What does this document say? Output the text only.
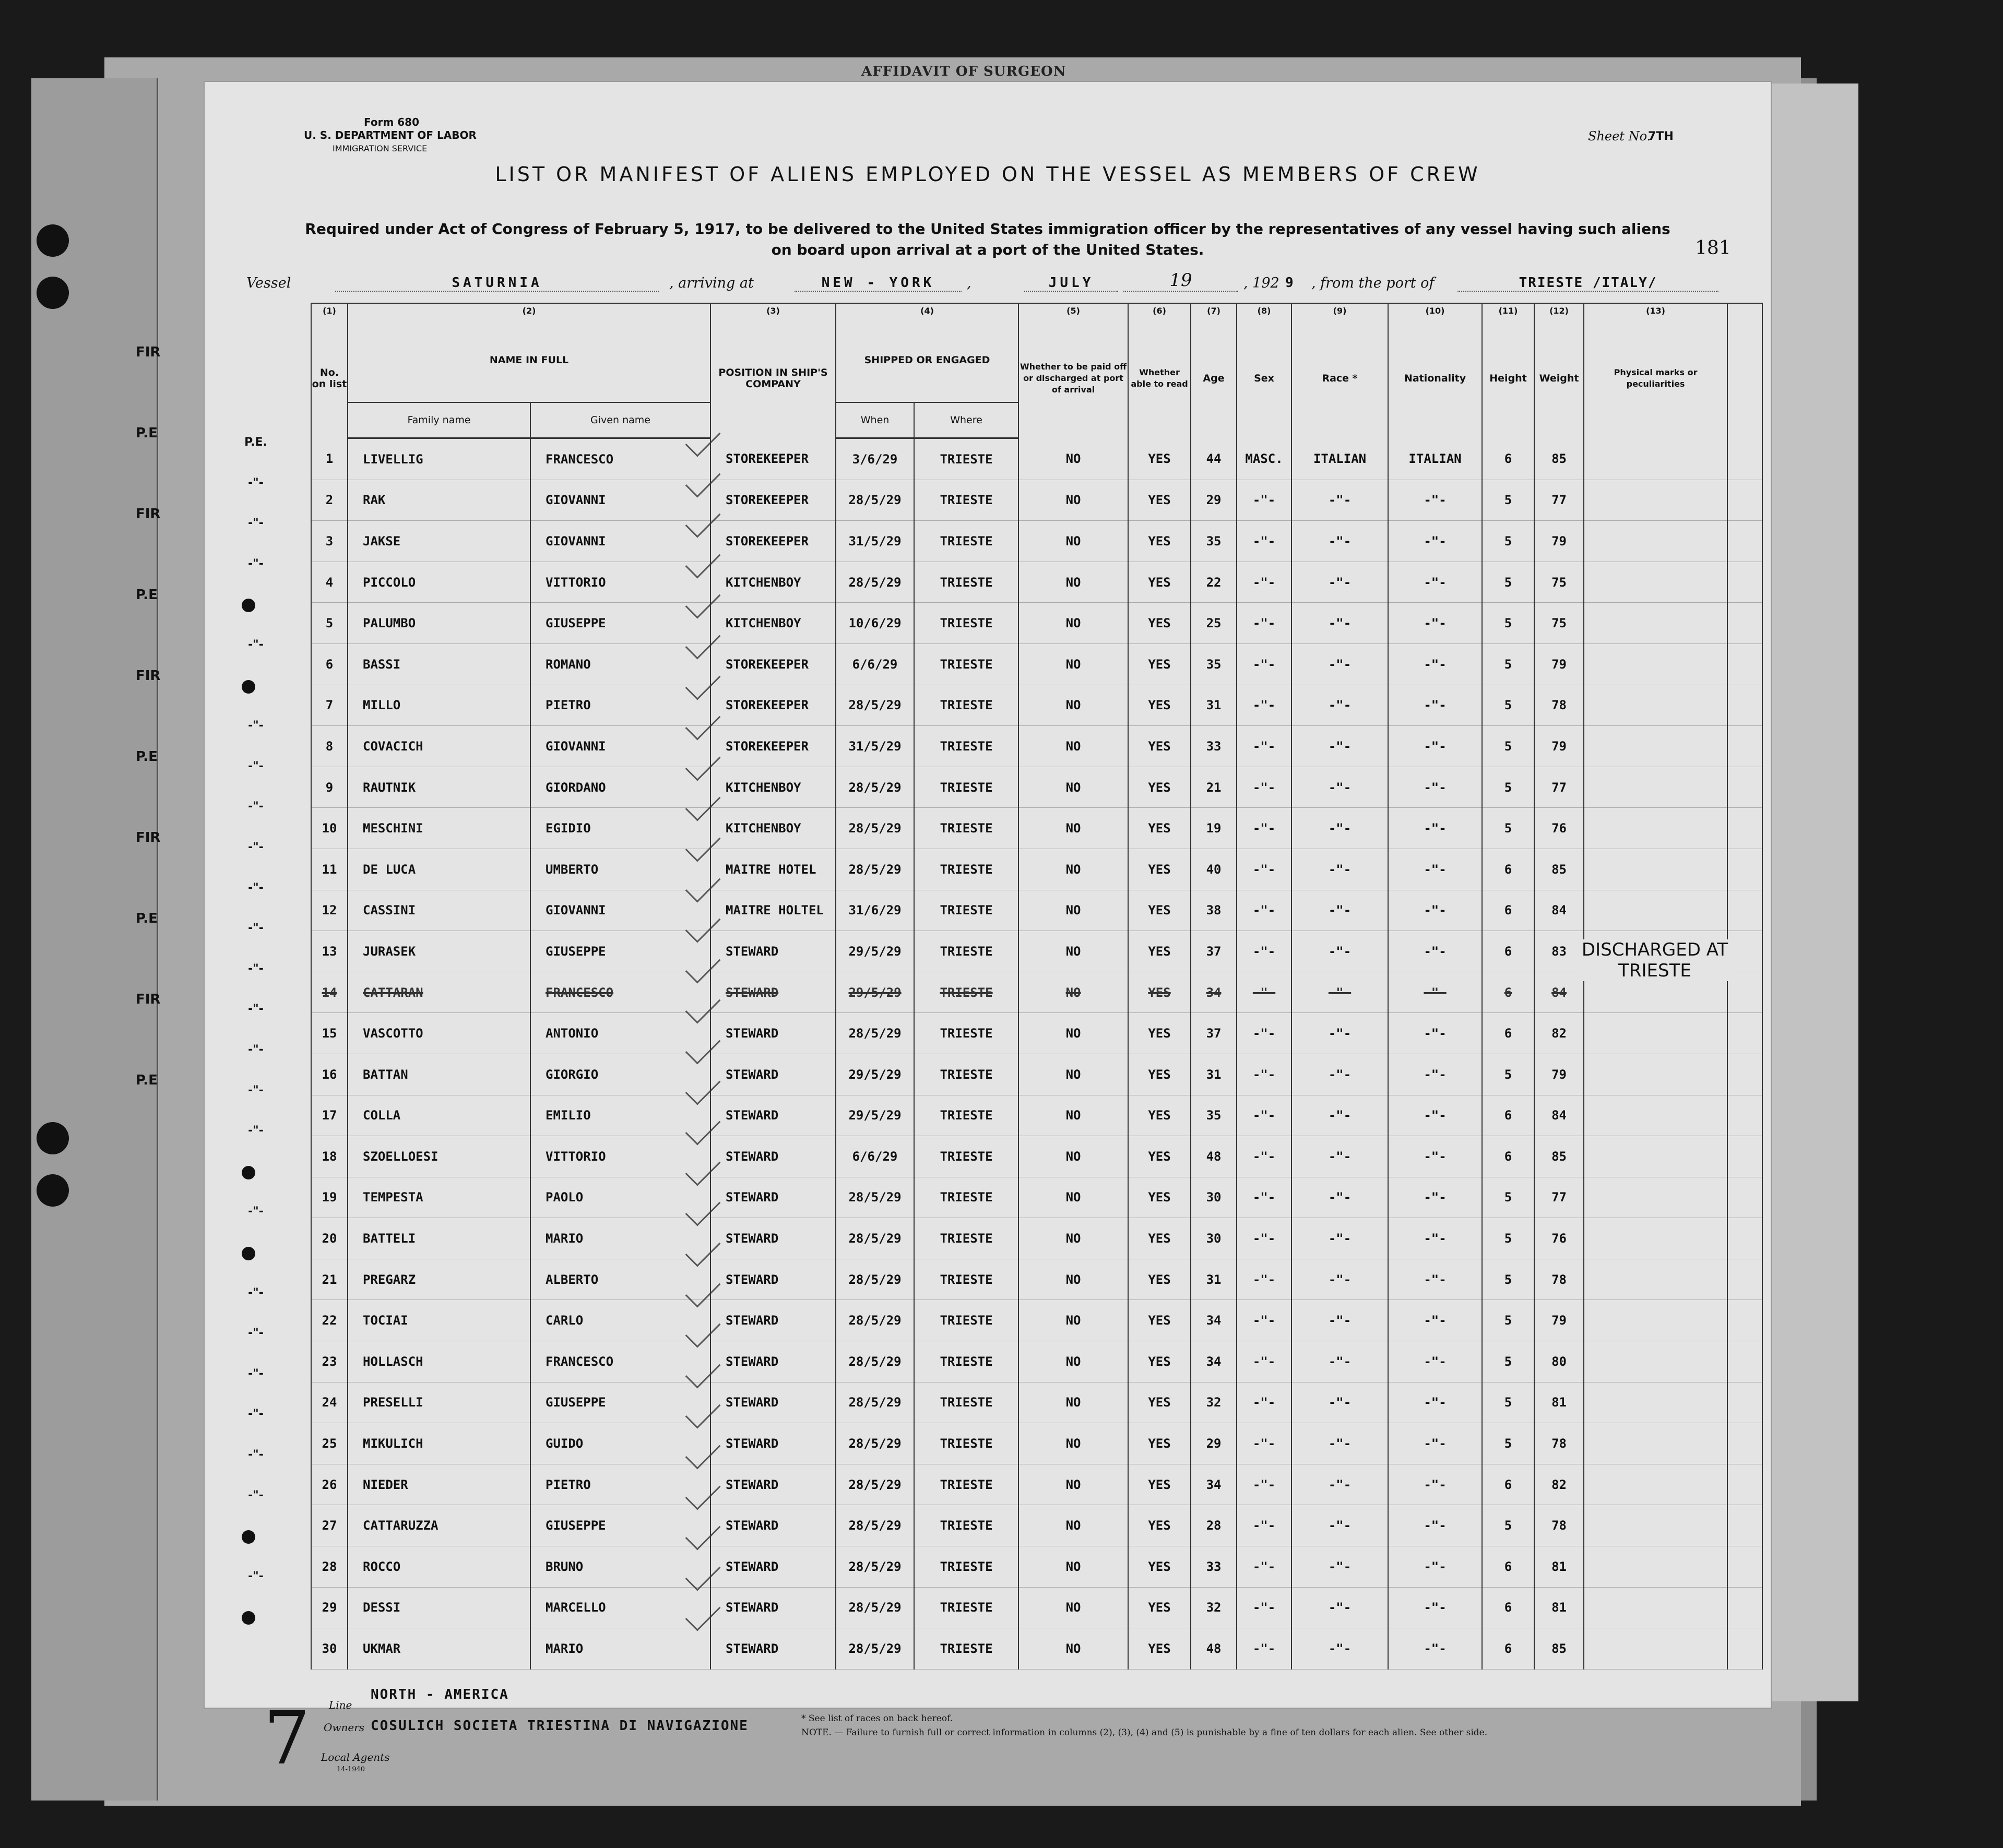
AFFIDAVIT OF SURGEON
Form 680
U. S. DEPARTMENT OF LABOR
IMMIGRATION SERVICE
Sheet No.
7TH
LIST OR MANIFEST OF ALIENS EMPLOYED ON THE VESSEL AS MEMBERS OF CREW
Required under Act of Congress of February 5, 1917, to be delivered to the United States immigration officer by the representatives of any vessel having such aliens
on board upon arrival at a port of the United States.	181
Vessel	SATURNIA	, arriving at	NEW - YORK	,	JULY	19	, 192 9 , from the port of	TRIESTE /ITALY/
(1)	(2)		(3)	(4)		(5)	(6)	(7)	(8)	(9)	(10)	(11)	(12)	(13)	
No. on list	NAME IN FULL		POSITION IN SHIP'S COMPANY	SHIPPED OR ENGAGED		Whether to be paid off or discharged at port of arrival	Whether able to read	Age	Sex	Race *	Nationality	Height	Weight	Physical marks or peculiarities	
	Family name	Given name		When	Where										
1	LIVELLIG	FRANCESCO	STOREKEEPER	3/6/29	TRIESTE	NO	YES	44	MASC.	ITALIAN	ITALIAN	6	85		
2	RAK	GIOVANNI	STOREKEEPER	28/5/29	TRIESTE	NO	YES	29	-"-	-"-	-"-	5	77		
3	JAKSE	GIOVANNI	STOREKEEPER	31/5/29	TRIESTE	NO	YES	35	-"-	-"-	-"-	5	79		
4	PICCOLO	VITTORIO	KITCHENBOY	28/5/29	TRIESTE	NO	YES	22	-"-	-"-	-"-	5	75		
5	PALUMBO	GIUSEPPE	KITCHENBOY	10/6/29	TRIESTE	NO	YES	25	-"-	-"-	-"-	5	75		
6	BASSI	ROMANO	STOREKEEPER	6/6/29	TRIESTE	NO	YES	35	-"-	-"-	-"-	5	79		
7	MILLO	PIETRO	STOREKEEPER	28/5/29	TRIESTE	NO	YES	31	-"-	-"-	-"-	5	78		
8	COVACICH	GIOVANNI	STOREKEEPER	31/5/29	TRIESTE	NO	YES	33	-"-	-"-	-"-	5	79		
9	RAUTNIK	GIORDANO	KITCHENBOY	28/5/29	TRIESTE	NO	YES	21	-"-	-"-	-"-	5	77		
10	MESCHINI	EGIDIO	KITCHENBOY	28/5/29	TRIESTE	NO	YES	19	-"-	-"-	-"-	5	76		
11	DE LUCA	UMBERTO	MAITRE HOTEL	28/5/29	TRIESTE	NO	YES	40	-"-	-"-	-"-	6	85		
12	CASSINI	GIOVANNI	MAITRE HOLTEL	31/6/29	TRIESTE	NO	YES	38	-"-	-"-	-"-	6	84		
13	JURASEK	GIUSEPPE	STEWARD	29/5/29	TRIESTE	NO	YES	37	-"-	-"-	-"-	6	83		
14	CATTARAN	FRANCESCO	STEWARD	29/5/29	TRIESTE	NO	YES	34	-"-	-"-	-"-	6	84		
15	VASCOTTO	ANTONIO	STEWARD	28/5/29	TRIESTE	NO	YES	37	-"-	-"-	-"-	6	82		
16	BATTAN	GIORGIO	STEWARD	29/5/29	TRIESTE	NO	YES	31	-"-	-"-	-"-	5	79		
17	COLLA	EMILIO	STEWARD	29/5/29	TRIESTE	NO	YES	35	-"-	-"-	-"-	6	84		
18	SZOELLOESI	VITTORIO	STEWARD	6/6/29	TRIESTE	NO	YES	48	-"-	-"-	-"-	6	85		
19	TEMPESTA	PAOLO	STEWARD	28/5/29	TRIESTE	NO	YES	30	-"-	-"-	-"-	5	77		
20	BATTELI	MARIO	STEWARD	28/5/29	TRIESTE	NO	YES	30	-"-	-"-	-"-	5	76		
21	PREGARZ	ALBERTO	STEWARD	28/5/29	TRIESTE	NO	YES	31	-"-	-"-	-"-	5	78		
22	TOCIAI	CARLO	STEWARD	28/5/29	TRIESTE	NO	YES	34	-"-	-"-	-"-	5	79		
23	HOLLASCH	FRANCESCO	STEWARD	28/5/29	TRIESTE	NO	YES	34	-"-	-"-	-"-	5	80		
24	PRESELLI	GIUSEPPE	STEWARD	28/5/29	TRIESTE	NO	YES	32	-"-	-"-	-"-	5	81		
25	MIKULICH	GUIDO	STEWARD	28/5/29	TRIESTE	NO	YES	29	-"-	-"-	-"-	5	78		
26	NIEDER	PIETRO	STEWARD	28/5/29	TRIESTE	NO	YES	34	-"-	-"-	-"-	6	82		
27	CATTARUZZA	GIUSEPPE	STEWARD	28/5/29	TRIESTE	NO	YES	28	-"-	-"-	-"-	5	78		
28	ROCCO	BRUNO	STEWARD	28/5/29	TRIESTE	NO	YES	33	-"-	-"-	-"-	6	81		
29	DESSI	MARCELLO	STEWARD	28/5/29	TRIESTE	NO	YES	32	-"-	-"-	-"-	6	81		
30	UKMAR	MARIO	STEWARD	28/5/29	TRIESTE	NO	YES	48	-"-	-"-	-"-	6	85		
P.E.
-"-
-"-
-"-
-"-
-"-
-"-
-"-
-"-
-"-
-"-
-"-
-"-
-"-
-"-
-"-
-"-
-"-
-"-
-"-
-"-
-"-
-"-
-"-
DISCHARGED AT
TRIESTE
Line
NORTH - AMERICA
Owners COSULICH SOCIETA TRIESTINA DI NAVIGAZIONE
Local Agents
14-1940
* See list of races on back hereof.
NOTE. — Failure to furnish full or correct information in columns (2), (3), (4) and (5) is punishable by a fine of ten dollars for each alien. See other side.
7
FIR
P.E
FIR
P.E
FIR
P.E
FIR
P.E
FIR
P.E
